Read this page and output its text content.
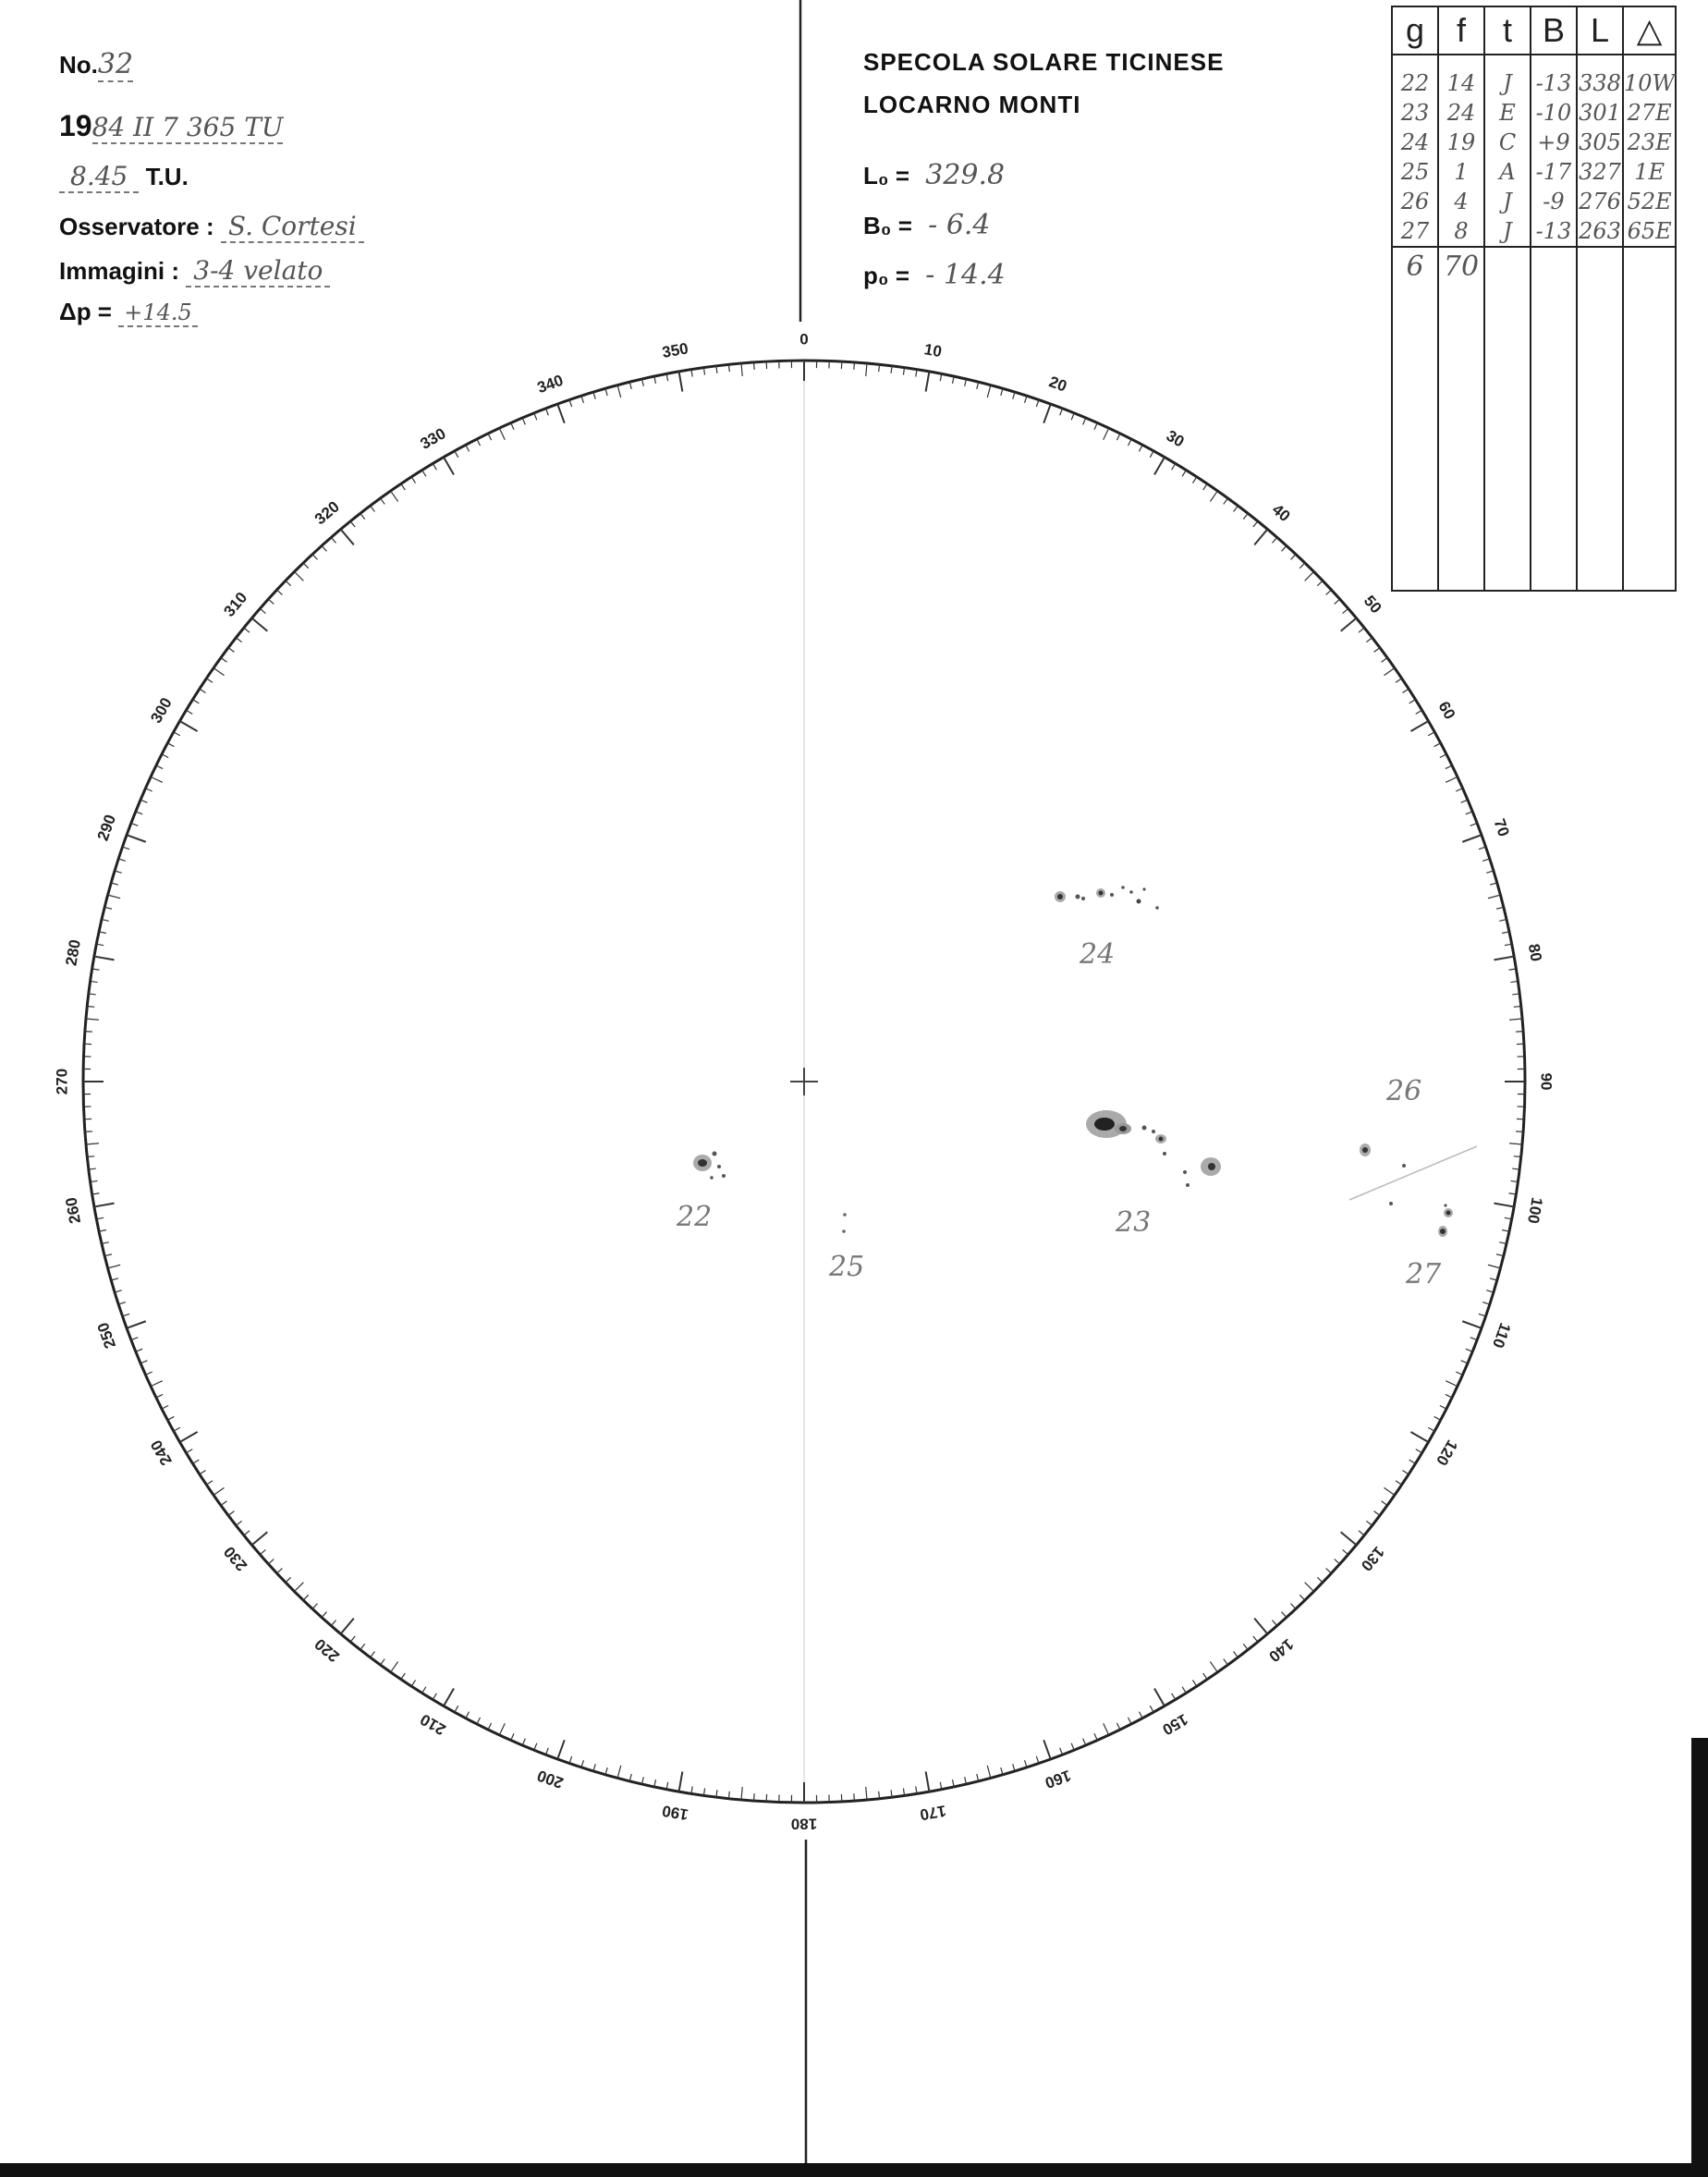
No.32
1984 II 7 365 TU
8.45 T.U.
Osservatore : S. Cortesi
Immagini : 3-4 velato
Δp = +14.5
SPECOLA SOLARE TICINESE
LOCARNO MONTI
L₀ = 329.8
B₀ = - 6.4
p₀ = - 14.4
g	f	t	B	L	△

22	14	J	-13	338	10W
23	24	E	-10	301	27E
24	19	C	+9	305	23E
25	1	A	-17	327	1E
26	4	J	-9	276	52E
27	8	J	-13	263	65E
6	70				

0
10
20
30
40
50
60
70
80
90
100
110
120
130
140
150
160
170
180
190
200
210
220
230
240
250
260
270
280
290
300
310
320
330
340
350
22	23
24
25
26
27
